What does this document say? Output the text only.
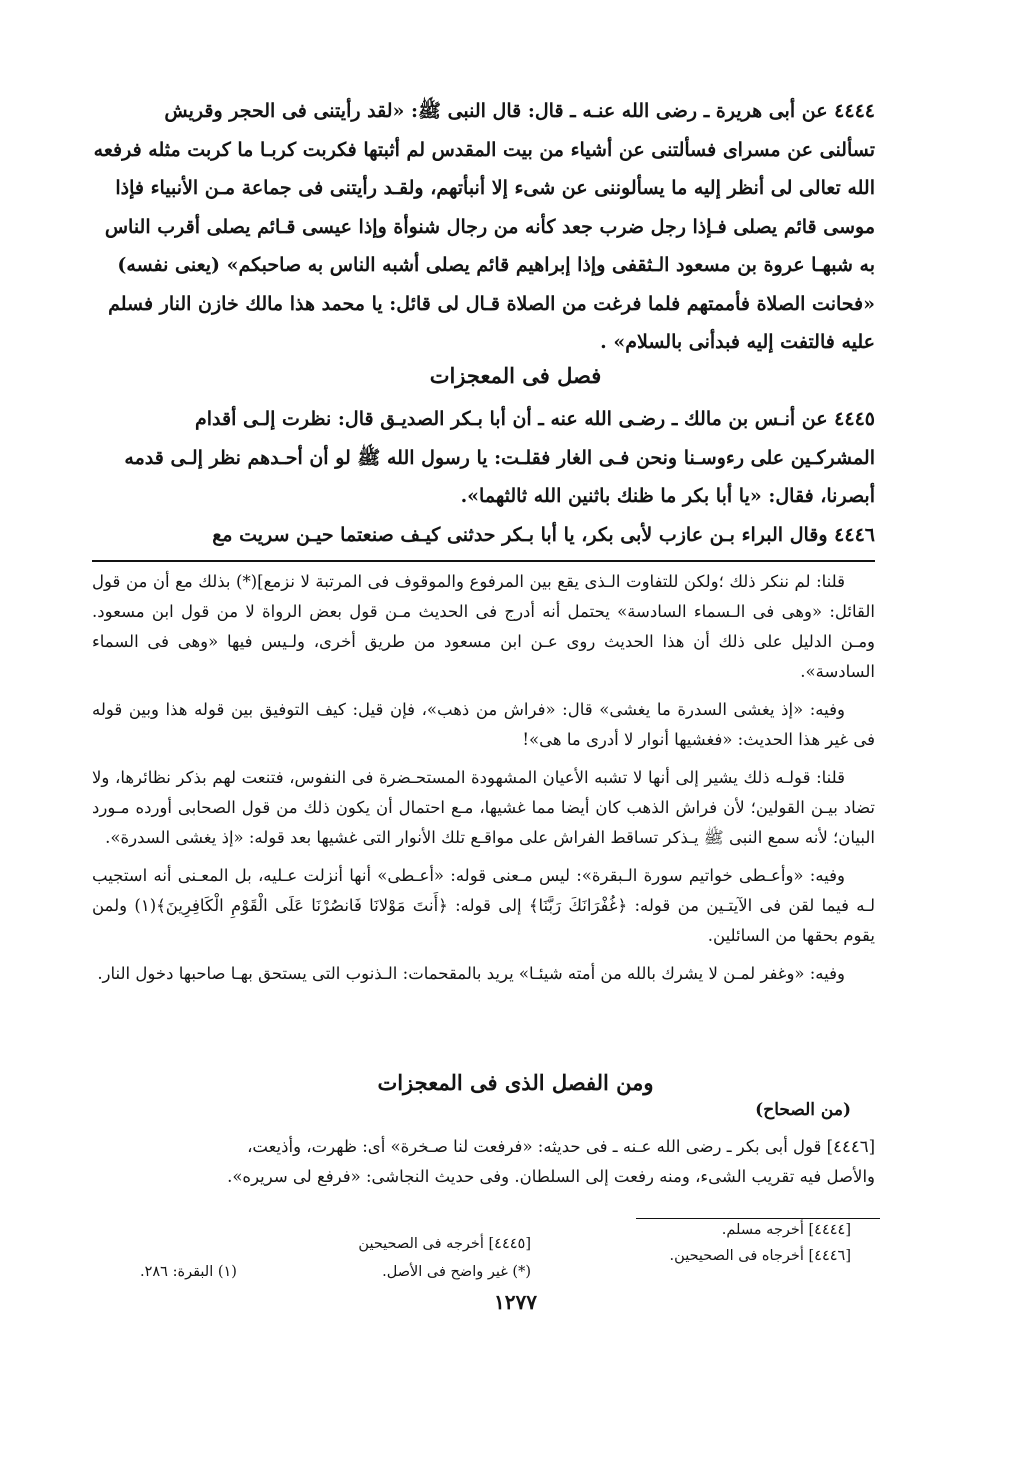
٤٤٤٤ عن أبى هريرة ـ رضى الله عنـه ـ قال: قال النبى ﷺ: «لقد رأيتنى فى الحجر وقريش
تسألنى عن مسراى فسألتنى عن أشياء من بيت المقدس لم أثبتها فكربت كربـا ما كربت مثله فرفعه
الله تعالى لى أنظر إليه ما يسألوننى عن شىء إلا أنبأتهم، ولقـد رأيتنى فى جماعة مـن الأنبياء فإذا
موسى قائم يصلى فـإذا رجل ضرب جعد كأنه من رجال شنوأة وإذا عيسى قـائم يصلى أقرب الناس
به شبهـا عروة بن مسعود الـثقفى وإذا إبراهيم قائم يصلى أشبه الناس به صاحبكم» (يعنى نفسه)
«فحانت الصلاة فأممتهم فلما فرغت من الصلاة قـال لى قائل: يا محمد هذا مالك خازن النار فسلم
عليه فالتفت إليه فبدأنى بالسلام» .
فصل فى المعجزات
٤٤٤٥ عن أنـس بن مالك ـ رضـى الله عنه ـ أن أبا بـكر الصديـق قال: نظرت إلـى أقدام
المشركـين على رءوسـنا ونحن فـى الغار فقلـت: يا رسول الله ﷺ لو أن أحـدهم نظر إلـى قدمه
أبصرنا، فقال: «يا أبا بكر ما ظنك باثنين الله ثالثهما».
٤٤٤٦ وقال البراء بـن عازب لأبى بكر، يا أبا بـكر حدثنى كيـف صنعتما حيـن سريت مع

قلنا: لم ننكر ذلك ؛ولكن للتفاوت الـذى يقع بين المرفوع والموقوف فى المرتبة لا نزمع](*) بذلك مع أن من قول القائل: «وهى فى الـسماء السادسة» يحتمل أنه أدرج فى الحديث مـن قول بعض الرواة لا من قول ابن مسعود. ومـن الدليل على ذلك أن هذا الحديث روى عـن ابن مسعود من طريق أخرى، ولـيس فيها «وهى فى السماء السادسة».

وفيه: «إذ يغشى السدرة ما يغشى» قال: «فراش من ذهب»، فإن قيل: كيف التوفيق بين قوله هذا وبين قوله فى غير هذا الحديث: «فغشيها أنوار لا أدرى ما هى»!

قلنا: قولـه ذلك يشير إلى أنها لا تشبه الأعيان المشهودة المستحـضرة فى النفوس، فتنعت لهم بذكر نظائرها، ولا تضاد بيـن القولين؛ لأن فراش الذهب كان أيضا مما غشيها، مـع احتمال أن يكون ذلك من قول الصحابى أورده مـورد البيان؛ لأنه سمع النبى ﷺ يـذكر تساقط الفراش على مواقـع تلك الأنوار التى غشيها بعد قوله: «إذ يغشى السدرة».

وفيه: «وأعـطى خواتيم سورة الـبقرة»: ليس مـعنى قوله: «أعـطى» أنها أنزلت عـليه، بل المعـنى أنه استجيب لـه فيما لقن فى الآيتـين من قوله: ﴿غُفْرَانَكَ رَبَّنَا﴾ إلى قوله: ﴿أَنتَ مَوْلانَا فَانصُرْنَا عَلَى الْقَوْمِ الْكَافِرِينَ﴾(١) ولمن يقوم بحقها من السائلين.

وفيه: «وغفر لمـن لا يشرك بالله من أمته شيئـا» يريد بالمقحمات: الـذنوب التى يستحق بهـا صاحبها دخول النار.

ومن الفصل الذى فى المعجزات
(من الصحاح)
[٤٤٤٦] قول أبى بكر ـ رضى الله عـنه ـ فى حديثه: «فرفعت لنا صـخرة» أى: ظهرت، وأذيعت،
والأصل فيه تقريب الشىء، ومنه رفعت إلى السلطان. وفى حديث النجاشى: «فرفع لى سريره».
[٤٤٤٤] أخرجه مسلم.
[٤٤٤٦] أخرجاه فى الصحيحين.
[٤٤٤٥] أخرجه فى الصحيحين
(*) غير واضح فى الأصل.
(١) البقرة: ٢٨٦.
١٢٧٧
